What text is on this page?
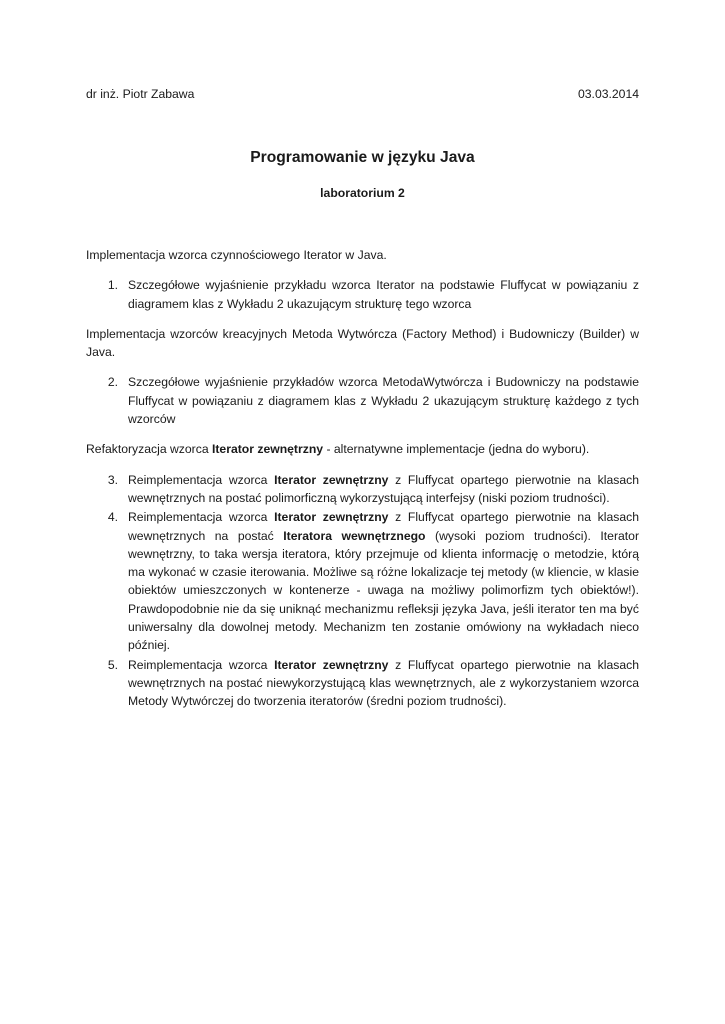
dr inż. Piotr Zabawa	03.03.2014
Programowanie w języku Java
laboratorium 2

Implementacja wzorca czynnościowego Iterator w Java.

1. Szczegółowe wyjaśnienie przykładu wzorca Iterator na podstawie Fluffycat w powiązaniu z diagramem klas z Wykładu 2 ukazującym strukturę tego wzorca

Implementacja wzorców kreacyjnych Metoda Wytwórcza (Factory Method) i Budowniczy (Builder) w Java.

2. Szczegółowe wyjaśnienie przykładów wzorca MetodaWytwórcza i Budowniczy na podstawie Fluffycat w powiązaniu z diagramem klas z Wykładu 2 ukazującym strukturę każdego z tych wzorców

Refaktoryzacja wzorca Iterator zewnętrzny - alternatywne implementacje (jedna do wyboru).

3. Reimplementacja wzorca Iterator zewnętrzny z Fluffycat opartego pierwotnie na klasach wewnętrznych na postać polimorficzną wykorzystującą interfejsy (niski poziom trudności).
4. Reimplementacja wzorca Iterator zewnętrzny z Fluffycat opartego pierwotnie na klasach wewnętrznych na postać Iteratora wewnętrznego (wysoki poziom trudności). Iterator wewnętrzny, to taka wersja iteratora, który przejmuje od klienta informację o metodzie, którą ma wykonać w czasie iterowania. Możliwe są różne lokalizacje tej metody (w kliencie, w klasie obiektów umieszczonych w kontenerze - uwaga na możliwy polimorfizm tych obiektów!). Prawdopodobnie nie da się uniknąć mechanizmu refleksji języka Java, jeśli iterator ten ma być uniwersalny dla dowolnej metody. Mechanizm ten zostanie omówiony na wykładach nieco później.
5. Reimplementacja wzorca Iterator zewnętrzny z Fluffycat opartego pierwotnie na klasach wewnętrznych na postać niewykorzystującą klas wewnętrznych, ale z wykorzystaniem wzorca Metody Wytwórczej do tworzenia iteratorów (średni poziom trudności).
